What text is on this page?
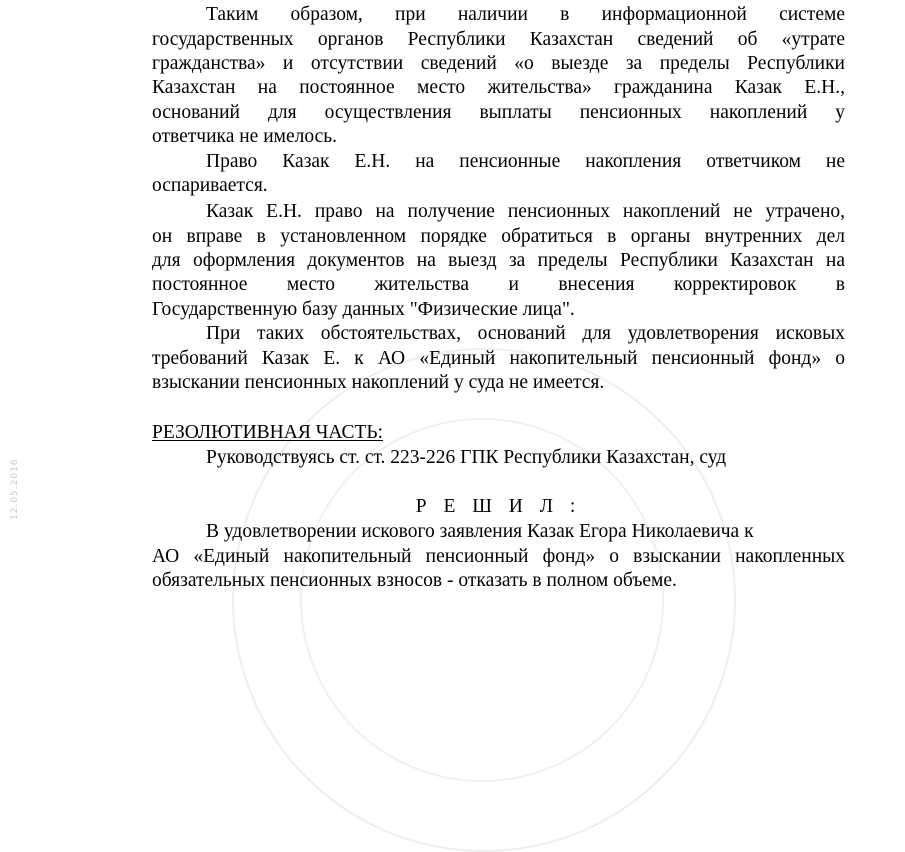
Таким образом, при наличии в информационной системе
государственных органов Республики Казахстан сведений об «утрате
гражданства» и отсутствии сведений «о выезде за пределы Республики
Казахстан на постоянное место жительства» гражданина Казак Е.Н.,
оснований для осуществления выплаты пенсионных накоплений у
ответчика не имелось.
Право Казак Е.Н. на пенсионные накопления ответчиком не
оспаривается.
Казак Е.Н. право на получение пенсионных накоплений не утрачено,
он вправе в установленном порядке обратиться в органы внутренних дел
для оформления документов на выезд за пределы Республики Казахстан на
постоянное место жительства и внесения корректировок в
Государственную базу данных "Физические лица".
При таких обстоятельствах, оснований для удовлетворения исковых
требований Казак Е. к АО «Единый накопительный пенсионный фонд» о
взыскании пенсионных накоплений у суда не имеется.
РЕЗОЛЮТИВНАЯ ЧАСТЬ:
Руководствуясь ст. ст. 223-226 ГПК Республики Казахстан, суд
Р Е Ш И Л :
В удовлетворении искового заявления Казак Егора Николаевича к
АО «Единый накопительный пенсионный фонд» о взыскании накопленных
обязательных пенсионных взносов - отказать в полном объеме.
12.05.2016
